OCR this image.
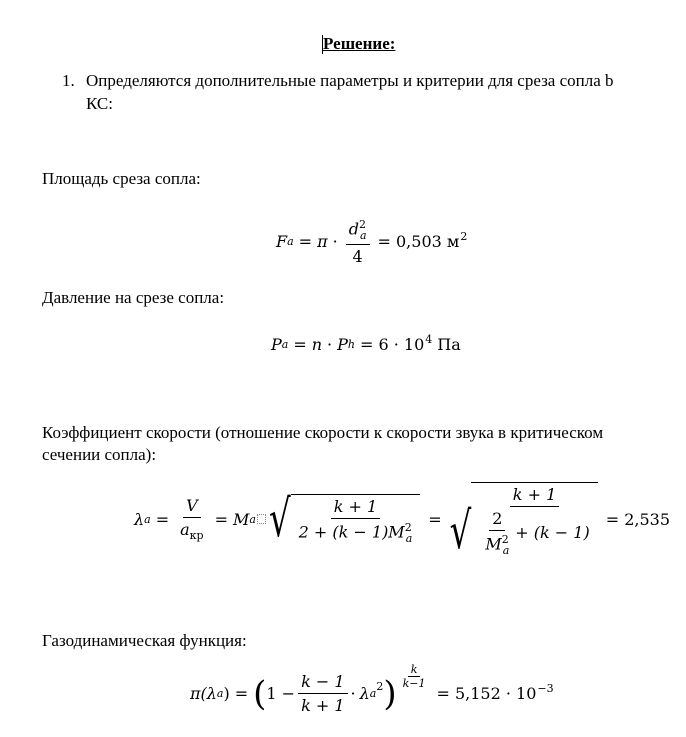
Решение:
1. Определяются дополнительные параметры и критерии для среза сопла b
КС:
Площадь среза сопла:
F $a = \pi \cdot \frac{d^2_a}{4} = 0,503$ $м^2$
Давление на срезе сопла:
P a = n · P $h = 6 \cdot 10^4$ Па
Коэффициент скорости (отношение скорости к скорости звука в критическом
сечении сопла):
λ $a = \frac{V}{a_{кр}} = M$ a √ $\frac{k + 1}{2 + (k - 1)M^2_a}$ = √ $\frac{k + 1}{\frac{2}{M^2_a} + (k - 1)} = 2,535$
Газодинамическая функция:
π(λ a ) = ( $1 - \frac{k - 1}{k + 1} \cdot \lambda$ a
$^2$ ) $\frac{k}{k-1}$
= $5,152 \cdot 10^{-3}$
